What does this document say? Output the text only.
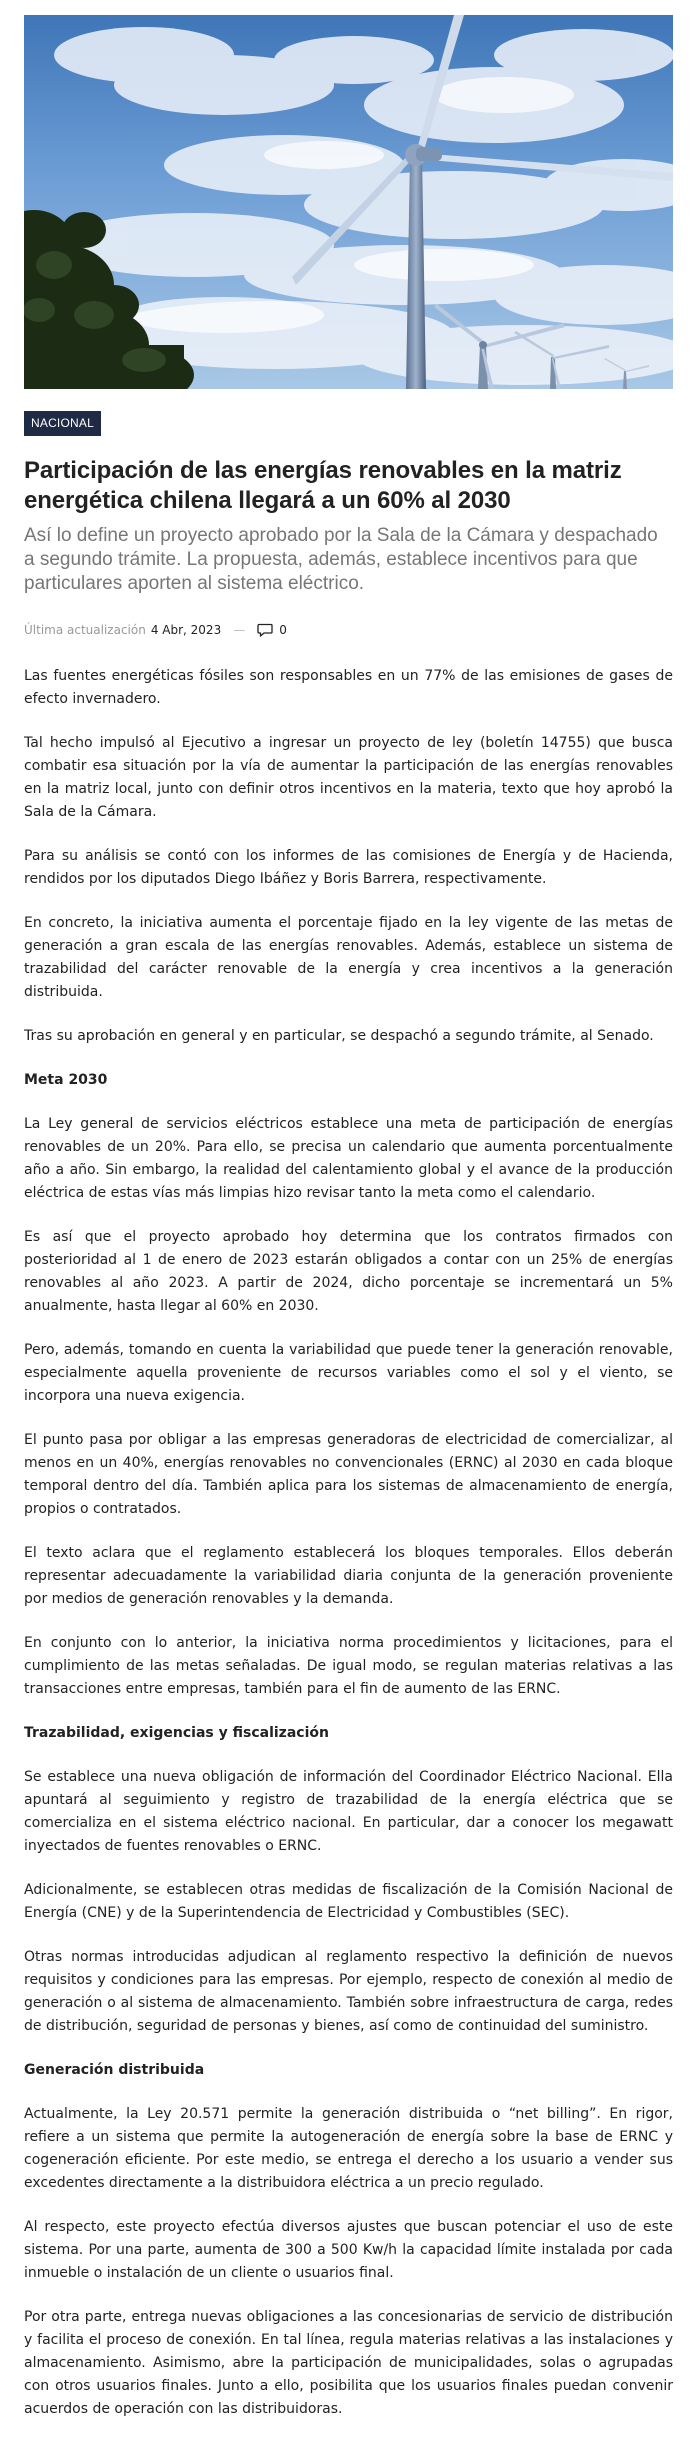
NACIONAL
Participación de las energías renovables en la matriz energética chilena llegará a un 60% al 2030

Así lo define un proyecto aprobado por la Sala de la Cámara y despachado a segundo trámite. La propuesta, además, establece incentivos para que particulares aporten al sistema eléctrico.

Última actualización 4 Abr, 2023 —	0

Las fuentes energéticas fósiles son responsables en un 77% de las emisiones de gases de efecto invernadero.

Tal hecho impulsó al Ejecutivo a ingresar un proyecto de ley (boletín 14755) que busca combatir esa situación por la vía de aumentar la participación de las energías renovables en la matriz local, junto con definir otros incentivos en la materia, texto que hoy aprobó la Sala de la Cámara.

Para su análisis se contó con los informes de las comisiones de Energía y de Hacienda, rendidos por los diputados Diego Ibáñez y Boris Barrera, respectivamente.

En concreto, la iniciativa aumenta el porcentaje fijado en la ley vigente de las metas de generación a gran escala de las energías renovables. Además, establece un sistema de trazabilidad del carácter renovable de la energía y crea incentivos a la generación distribuida.

Tras su aprobación en general y en particular, se despachó a segundo trámite, al Senado.

Meta 2030

La Ley general de servicios eléctricos establece una meta de participación de energías renovables de un 20%. Para ello, se precisa un calendario que aumenta porcentualmente año a año. Sin embargo, la realidad del calentamiento global y el avance de la producción eléctrica de estas vías más limpias hizo revisar tanto la meta como el calendario.

Es así que el proyecto aprobado hoy determina que los contratos firmados con posterioridad al 1 de enero de 2023 estarán obligados a contar con un 25% de energías renovables al año 2023. A partir de 2024, dicho porcentaje se incrementará un 5% anualmente, hasta llegar al 60% en 2030.

Pero, además, tomando en cuenta la variabilidad que puede tener la generación renovable, especialmente aquella proveniente de recursos variables como el sol y el viento, se incorpora una nueva exigencia.

El punto pasa por obligar a las empresas generadoras de electricidad de comercializar, al menos en un 40%, energías renovables no convencionales (ERNC) al 2030 en cada bloque temporal dentro del día. También aplica para los sistemas de almacenamiento de energía, propios o contratados.

El texto aclara que el reglamento establecerá los bloques temporales. Ellos deberán representar adecuadamente la variabilidad diaria conjunta de la generación proveniente por medios de generación renovables y la demanda.

En conjunto con lo anterior, la iniciativa norma procedimientos y licitaciones, para el cumplimiento de las metas señaladas. De igual modo, se regulan materias relativas a las transacciones entre empresas, también para el fin de aumento de las ERNC.

Trazabilidad, exigencias y fiscalización

Se establece una nueva obligación de información del Coordinador Eléctrico Nacional. Ella apuntará al seguimiento y registro de trazabilidad de la energía eléctrica que se comercializa en el sistema eléctrico nacional. En particular, dar a conocer los megawatt inyectados de fuentes renovables o ERNC.

Adicionalmente, se establecen otras medidas de fiscalización de la Comisión Nacional de Energía (CNE) y de la Superintendencia de Electricidad y Combustibles (SEC).

Otras normas introducidas adjudican al reglamento respectivo la definición de nuevos requisitos y condiciones para las empresas. Por ejemplo, respecto de conexión al medio de generación o al sistema de almacenamiento. También sobre infraestructura de carga, redes de distribución, seguridad de personas y bienes, así como de continuidad del suministro.

Generación distribuida

Actualmente, la Ley 20.571 permite la generación distribuida o “net billing”. En rigor, refiere a un sistema que permite la autogeneración de energía sobre la base de ERNC y cogeneración eficiente. Por este medio, se entrega el derecho a los usuario a vender sus excedentes directamente a la distribuidora eléctrica a un precio regulado.

Al respecto, este proyecto efectúa diversos ajustes que buscan potenciar el uso de este sistema. Por una parte, aumenta de 300 a 500 Kw/h la capacidad límite instalada por cada inmueble o instalación de un cliente o usuarios final.

Por otra parte, entrega nuevas obligaciones a las concesionarias de servicio de distribución y facilita el proceso de conexión. En tal línea, regula materias relativas a las instalaciones y almacenamiento. Asimismo, abre la participación de municipalidades, solas o agrupadas con otros usuarios finales. Junto a ello, posibilita que los usuarios finales puedan convenir acuerdos de operación con las distribuidoras.
